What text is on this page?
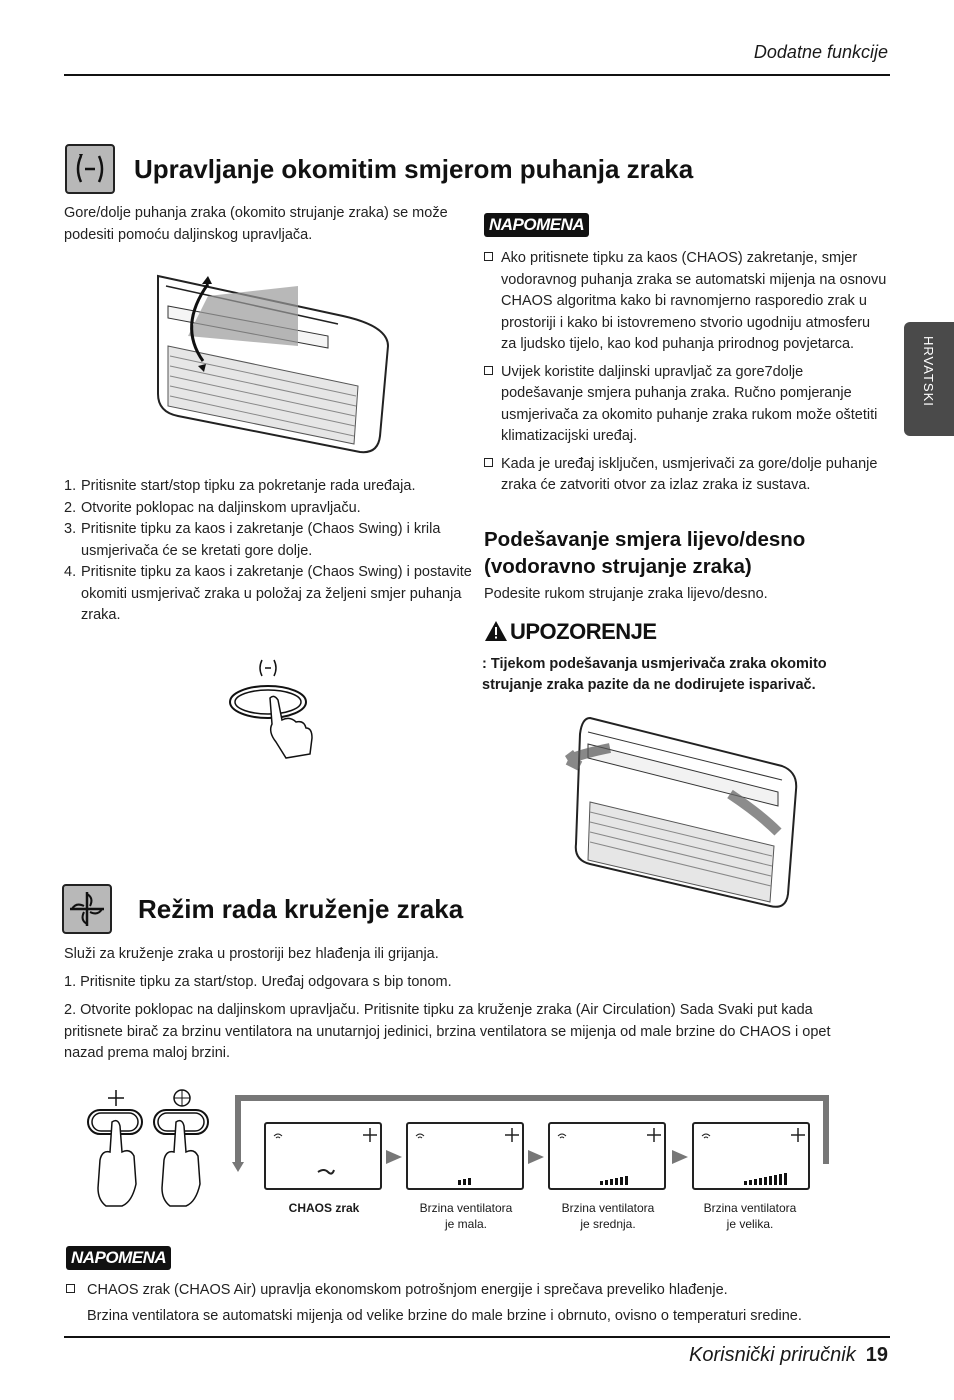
Dodatne funkcije
HRVATSKI
Upravljanje okomitim smjerom puhanja zraka
Gore/dolje puhanja zraka (okomito strujanje zraka) se može podesiti pomoću daljinskog upravljača.
1. Pritisnite start/stop tipku za pokretanje rada uređaja.
2. Otvorite poklopac na daljinskom upravljaču.
3. Pritisnite tipku za kaos i zakretanje (Chaos Swing) i krila usmjerivača će se kretati gore dolje.
4. Pritisnite tipku za kaos i zakretanje (Chaos Swing) i postavite okomiti usmjerivač zraka u položaj za željeni smjer puhanja zraka.
NAPOMENA
Ako pritisnete tipku za kaos (CHAOS) zakretanje, smjer vodoravnog puhanja zraka se automatski mijenja na osnovu CHAOS algoritma kako bi ravnomjerno rasporedio zrak u prostoriji i kako bi istovremeno stvorio ugodniju atmosferu za ljudsko tijelo, kao kod puhanja prirodnog povjetarca.
Uvijek koristite daljinski upravljač za gore7dolje podešavanje smjera puhanja zraka. Ručno pomjeranje usmjerivača za okomito puhanje zraka rukom može oštetiti klimatizacijski uređaj.
Kada je uređaj isključen, usmjerivači za gore/dolje puhanje zraka će zatvoriti otvor za izlaz zraka iz sustava.
Podešavanje smjera lijevo/desno (vodoravno strujanje zraka)
Podesite rukom strujanje zraka lijevo/desno.
UPOZORENJE
: Tijekom podešavanja usmjerivača zraka okomito strujanje zraka pazite da ne dodirujete isparivač.
Režim rada kruženje zraka
Služi za kruženje zraka u prostoriji bez hlađenja ili grijanja.
1. Pritisnite tipku za start/stop. Uređaj odgovara s bip tonom.
2. Otvorite poklopac na daljinskom upravljaču. Pritisnite tipku za kruženje zraka (Air Circulation) Sada Svaki put kada pritisnete birač za brzinu ventilatora na unutarnjoj jedinici, brzina ventilatora se mijenja od male brzine do CHAOS i opet nazad prema maloj brzini.
CHAOS zrak	Brzina ventilatora
je mala.
Brzina ventilatora
je srednja.
Brzina ventilatora
je velika.
NAPOMENA
CHAOS zrak (CHAOS Air) upravlja ekonomskom potrošnjom energije i sprečava preveliko hlađenje.
Brzina ventilatora se automatski mijenja od velike brzine do male brzine i obrnuto, ovisno o temperaturi sredine.
Korisnički priručnik 19
